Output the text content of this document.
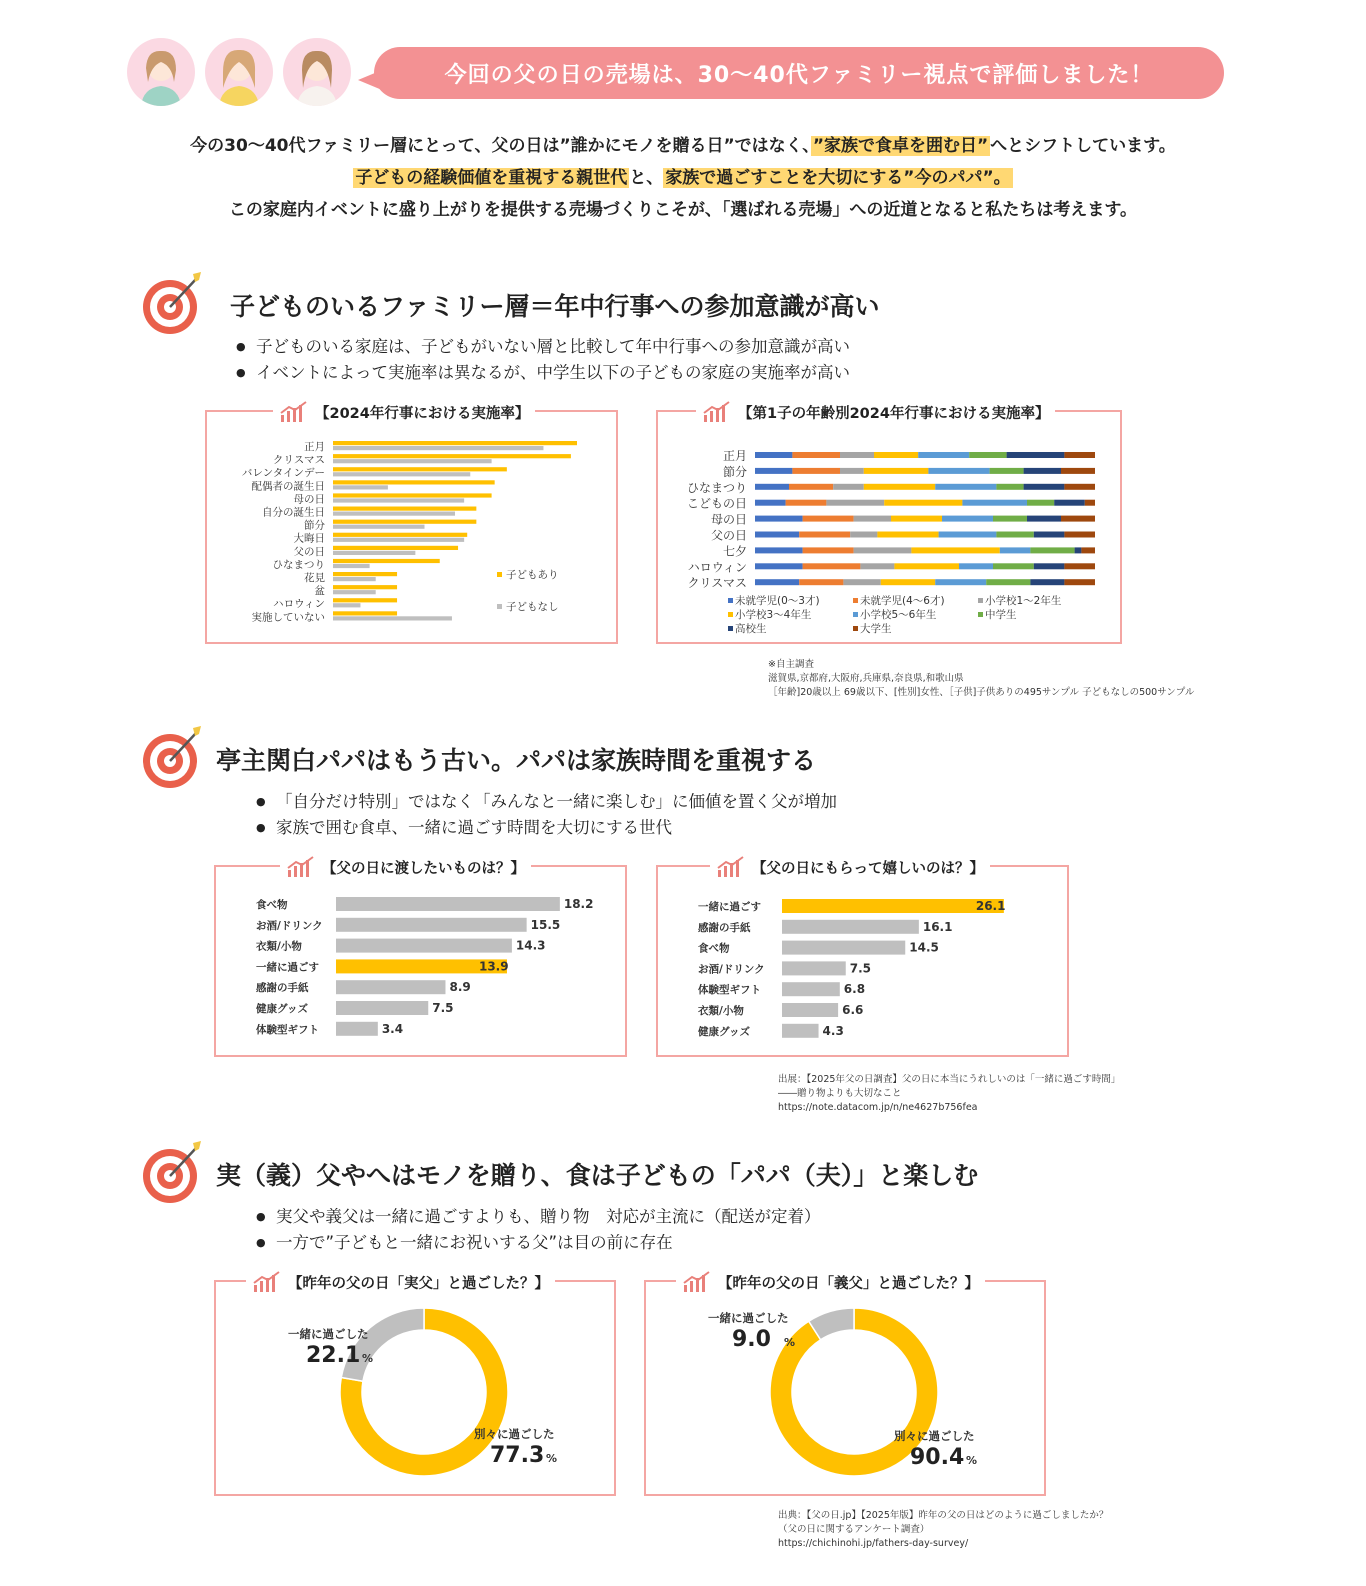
今回の父の日の売場は、30〜40代ファミリー視点で評価しました！
今の30〜40代ファミリー層にとって、父の日は”誰かにモノを贈る日”ではなく、 ”家族で食卓を囲む日” へとシフトしています。
子どもの経験価値を重視する親世代 と、 家族で過ごすことを大切にする”今のパパ”。
この家庭内イベントに盛り上がりを提供する売場づくりこそが、「選ばれる売場」への近道となると私たちは考えます。
子どものいるファミリー層＝年中行事への参加意識が高い
● 子どものいる家庭は、子どもがいない層と比較して年中行事への参加意識が高い
● イベントによって実施率は異なるが、中学生以下の子どもの家庭の実施率が高い
【2024年行事における実施率】
正月
クリスマス
バレンタインデー
配偶者の誕生日
母の日
自分の誕生日
節分
大晦日
父の日
ひなまつり
花見
盆
ハロウィン
実施していない
子どもあり
子どもなし
【第1子の年齢別2024年行事における実施率】
正月
節分
ひなまつり
こどもの日
母の日
父の日
七夕
ハロウィン
クリスマス
未就学児(0〜3才)	未就学児(4〜6才)	小学校1〜2年生
小学校3〜4年生	小学校5〜6年生	中学生
高校生	大学生
※自主調査
滋賀県,京都府,大阪府,兵庫県,奈良県,和歌山県
［年齢]20歳以上 69歳以下、[性別]女性、［子供]子供ありの495サンプル 子どもなしの500サンプル
亭主関白パパはもう古い。パパは家族時間を重視する
● 「自分だけ特別」ではなく「みんなと一緒に楽しむ」に価値を置く父が増加
● 家族で囲む食卓、一緒に過ごす時間を大切にする世代
【父の日に渡したいものは？】
食べ物	18.2
お酒/ドリンク	15.5
衣類/小物	14.3
一緒に過ごす	13.9
感謝の手紙	8.9
健康グッズ	7.5
体験型ギフト	3.4
【父の日にもらって嬉しいのは？】
一緒に過ごす	26.1
感謝の手紙	16.1
食べ物	14.5
お酒/ドリンク	7.5
体験型ギフト	6.8
衣類/小物	6.6
健康グッズ	4.3
出展：【2025年父の日調査】父の日に本当にうれしいのは「一緒に過ごす時間」
――贈り物よりも大切なこと
https://note.datacom.jp/n/ne4627b756fea
実（義）父やへはモノを贈り、食は子どもの「パパ（夫）」と楽しむ
● 実父や義父は一緒に過ごすよりも、贈り物　対応が主流に（配送が定着）
● 一方で”子どもと一緒にお祝いする父”は目の前に存在
【昨年の父の日「実父」と過ごした？】
一緒に過ごした
22.1 %
別々に過ごした
77.3 %
【昨年の父の日「義父」と過ごした？】
一緒に過ごした
9.0 %
別々に過ごした
90.4 %
出典：【父の日.jp】【2025年版】昨年の父の日はどのように過ごしましたか？
（父の日に関するアンケート調査）
https://chichinohi.jp/fathers-day-survey/
